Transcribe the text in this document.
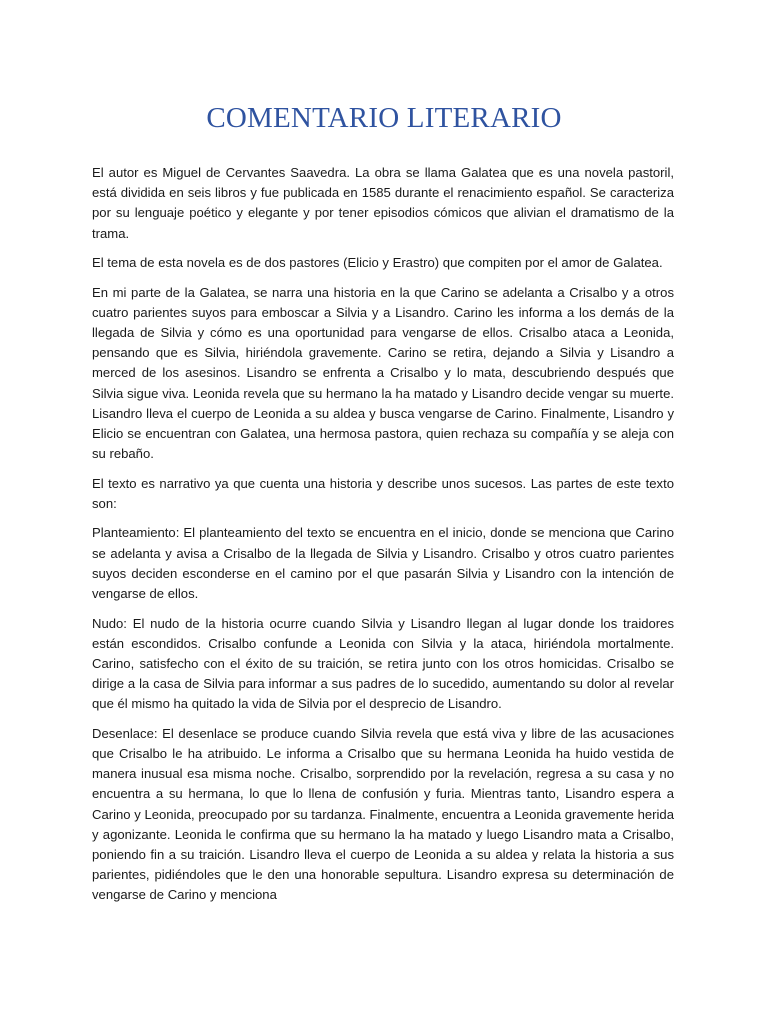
COMENTARIO LITERARIO

El autor es Miguel de Cervantes Saavedra. La obra se llama Galatea que es una novela pastoril, está dividida en seis libros y fue publicada en 1585 durante el renacimiento español. Se caracteriza por su lenguaje poético y elegante y por tener episodios cómicos que alivian el dramatismo de la trama.

El tema de esta novela es de dos pastores (Elicio y Erastro) que compiten por el amor de Galatea.

En mi parte de la Galatea, se narra una historia en la que Carino se adelanta a Crisalbo y a otros cuatro parientes suyos para emboscar a Silvia y a Lisandro. Carino les informa a los demás de la llegada de Silvia y cómo es una oportunidad para vengarse de ellos. Crisalbo ataca a Leonida, pensando que es Silvia, hiriéndola gravemente. Carino se retira, dejando a Silvia y Lisandro a merced de los asesinos. Lisandro se enfrenta a Crisalbo y lo mata, descubriendo después que Silvia sigue viva. Leonida revela que su hermano la ha matado y Lisandro decide vengar su muerte. Lisandro lleva el cuerpo de Leonida a su aldea y busca vengarse de Carino. Finalmente, Lisandro y Elicio se encuentran con Galatea, una hermosa pastora, quien rechaza su compañía y se aleja con su rebaño.

El texto es narrativo ya que cuenta una historia y describe unos sucesos. Las partes de este texto son:

Planteamiento: El planteamiento del texto se encuentra en el inicio, donde se menciona que Carino se adelanta y avisa a Crisalbo de la llegada de Silvia y Lisandro. Crisalbo y otros cuatro parientes suyos deciden esconderse en el camino por el que pasarán Silvia y Lisandro con la intención de vengarse de ellos.

Nudo: El nudo de la historia ocurre cuando Silvia y Lisandro llegan al lugar donde los traidores están escondidos. Crisalbo confunde a Leonida con Silvia y la ataca, hiriéndola mortalmente. Carino, satisfecho con el éxito de su traición, se retira junto con los otros homicidas. Crisalbo se dirige a la casa de Silvia para informar a sus padres de lo sucedido, aumentando su dolor al revelar que él mismo ha quitado la vida de Silvia por el desprecio de Lisandro.

Desenlace: El desenlace se produce cuando Silvia revela que está viva y libre de las acusaciones que Crisalbo le ha atribuido. Le informa a Crisalbo que su hermana Leonida ha huido vestida de manera inusual esa misma noche. Crisalbo, sorprendido por la revelación, regresa a su casa y no encuentra a su hermana, lo que lo llena de confusión y furia. Mientras tanto, Lisandro espera a Carino y Leonida, preocupado por su tardanza. Finalmente, encuentra a Leonida gravemente herida y agonizante. Leonida le confirma que su hermano la ha matado y luego Lisandro mata a Crisalbo, poniendo fin a su traición. Lisandro lleva el cuerpo de Leonida a su aldea y relata la historia a sus parientes, pidiéndoles que le den una honorable sepultura. Lisandro expresa su determinación de vengarse de Carino y menciona
